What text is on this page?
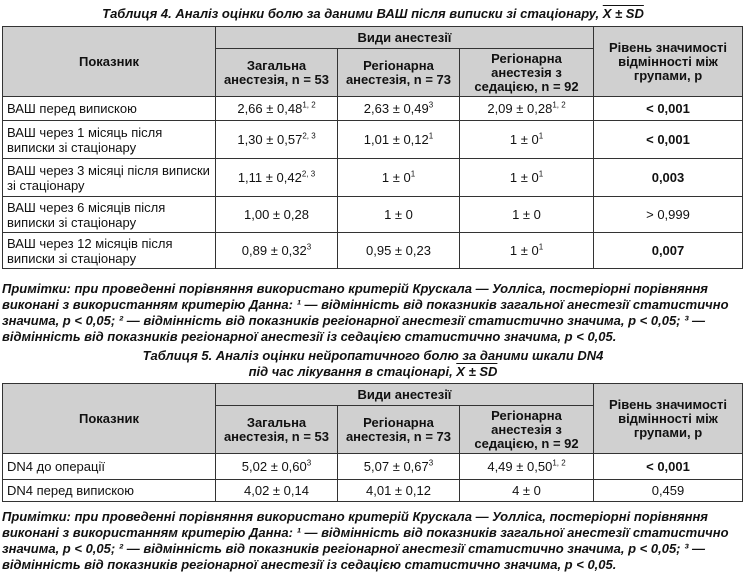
Таблиця 4. Аналіз оцінки болю за даними ВАШ після виписки зі стаціонару, X ± SD
Показник	Види анестезії			Рівень значимості відмінності між групами, p
	Загальна анестезія, n = 53	Регіонарна анестезія, n = 73	Регіонарна анестезія з седацією, n = 92	
ВАШ перед випискою	$2,66 \pm 0,48^{1, 2}$	$2,63 \pm 0,49^3$	$2,09 \pm 0,28^{1, 2}$	< 0,001
ВАШ через 1 місяць після виписки зі стаціонару	$1,30 \pm 0,57^{2, 3}$	$1,01 \pm 0,12^1$	$1 \pm 0^1$	< 0,001
ВАШ через 3 місяці після виписки зі стаціонару	$1,11 \pm 0,42^{2, 3}$	$1 \pm 0^1$	$1 \pm 0^1$	0,003
ВАШ через 6 місяців після виписки зі стаціонару	1,00 ± 0,28	1 ± 0	1 ± 0	> 0,999
ВАШ через 12 місяців після виписки зі стаціонару	$0,89 \pm 0,32^3$	0,95 ± 0,23	$1 \pm 0^1$	0,007
Примітки: при проведенні порівняння використано критерій Крускала — Уолліса, постеріорні порівняння виконані з використанням критерію Данна: ¹ — відмінність від показників загальної анестезії статистично значима, p < 0,05; ² — відмінність від показників регіонарної анестезії статистично значима, p < 0,05; ³ — відмінність від показників регіонарної анестезії із седацією статистично значима, p < 0,05.
Таблиця 5. Аналіз оцінки нейропатичного болю за даними шкали DN4
під час лікування в стаціонарі, X ± SD
Показник	Види анестезії			Рівень значимості відмінності між групами, p
	Загальна анестезія, n = 53	Регіонарна анестезія, n = 73	Регіонарна анестезія з седацією, n = 92	
DN4 до операції	$5,02 \pm 0,60^3$	$5,07 \pm 0,67^3$	$4,49 \pm 0,50^{1, 2}$	< 0,001
DN4 перед випискою	4,02 ± 0,14	4,01 ± 0,12	4 ± 0	0,459
Примітки: при проведенні порівняння використано критерій Крускала — Уолліса, постеріорні порівняння виконані з використанням критерію Данна: ¹ — відмінність від показників загальної анестезії статистично значима, p < 0,05; ² — відмінність від показників регіонарної анестезії статистично значима, p < 0,05; ³ — відмінність від показників регіонарної анестезії із седацією статистично значима, p < 0,05.
